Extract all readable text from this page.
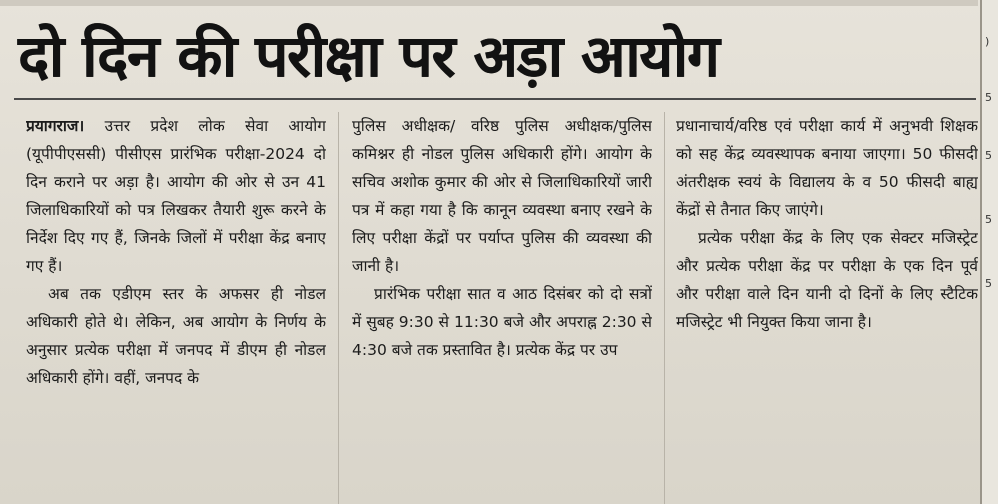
दो दिन की परीक्षा पर अड़ा आयोग

प्रयागराज। उत्तर प्रदेश लोक सेवा आयोग (यूपीपीएससी) पीसीएस प्रारंभिक परीक्षा-2024 दो दिन कराने पर अड़ा है। आयोग की ओर से उन 41 जिलाधिकारियों को पत्र लिखकर तैयारी शुरू करने के निर्देश दिए गए हैं, जिनके जिलों में परीक्षा केंद्र बनाए गए हैं।

अब तक एडीएम स्तर के अफसर ही नोडल अधिकारी होते थे। लेकिन, अब आयोग के निर्णय के अनुसार प्रत्येक परीक्षा में जनपद में डीएम ही नोडल अधिकारी होंगे। वहीं, जनपद के

पुलिस अधीक्षक/ वरिष्ठ पुलिस अधीक्षक/पुलिस कमिश्नर ही नोडल पुलिस अधिकारी होंगे। आयोग के सचिव अशोक कुमार की ओर से जिलाधिकारियों जारी पत्र में कहा गया है कि कानून व्यवस्था बनाए रखने के लिए परीक्षा केंद्रों पर पर्याप्त पुलिस की व्यवस्था की जानी है।

प्रारंभिक परीक्षा सात व आठ दिसंबर को दो सत्रों में सुबह 9:30 से 11:30 बजे और अपराह्न 2:30 से 4:30 बजे तक प्रस्तावित है। प्रत्येक केंद्र पर उप

प्रधानाचार्य/वरिष्ठ एवं परीक्षा कार्य में अनुभवी शिक्षक को सह केंद्र व्यवस्थापक बनाया जाएगा। 50 फीसदी अंतरीक्षक स्वयं के विद्यालय के व 50 फीसदी बाह्य केंद्रों से तैनात किए जाएंगे।

प्रत्येक परीक्षा केंद्र के लिए एक सेक्टर मजिस्ट्रेट और प्रत्येक परीक्षा केंद्र पर परीक्षा के एक दिन पूर्व और परीक्षा वाले दिन यानी दो दिनों के लिए स्टैटिक मजिस्ट्रेट भी नियुक्त किया जाना है।

)
5
5
5
5
